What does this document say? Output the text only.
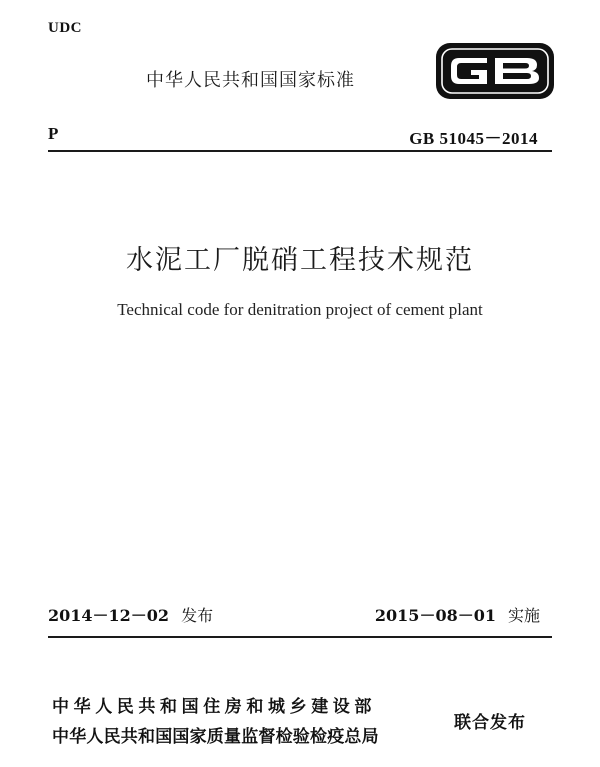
UDC
中华人民共和国国家标准
P	GB 51045－2014
水泥工厂脱硝工程技术规范
Technical code for denitration project of cement plant
2014－12－02 发布	2015－08－01 实施
中华人民共和国住房和城乡建设部
中华人民共和国国家质量监督检验检疫总局
联合发布
